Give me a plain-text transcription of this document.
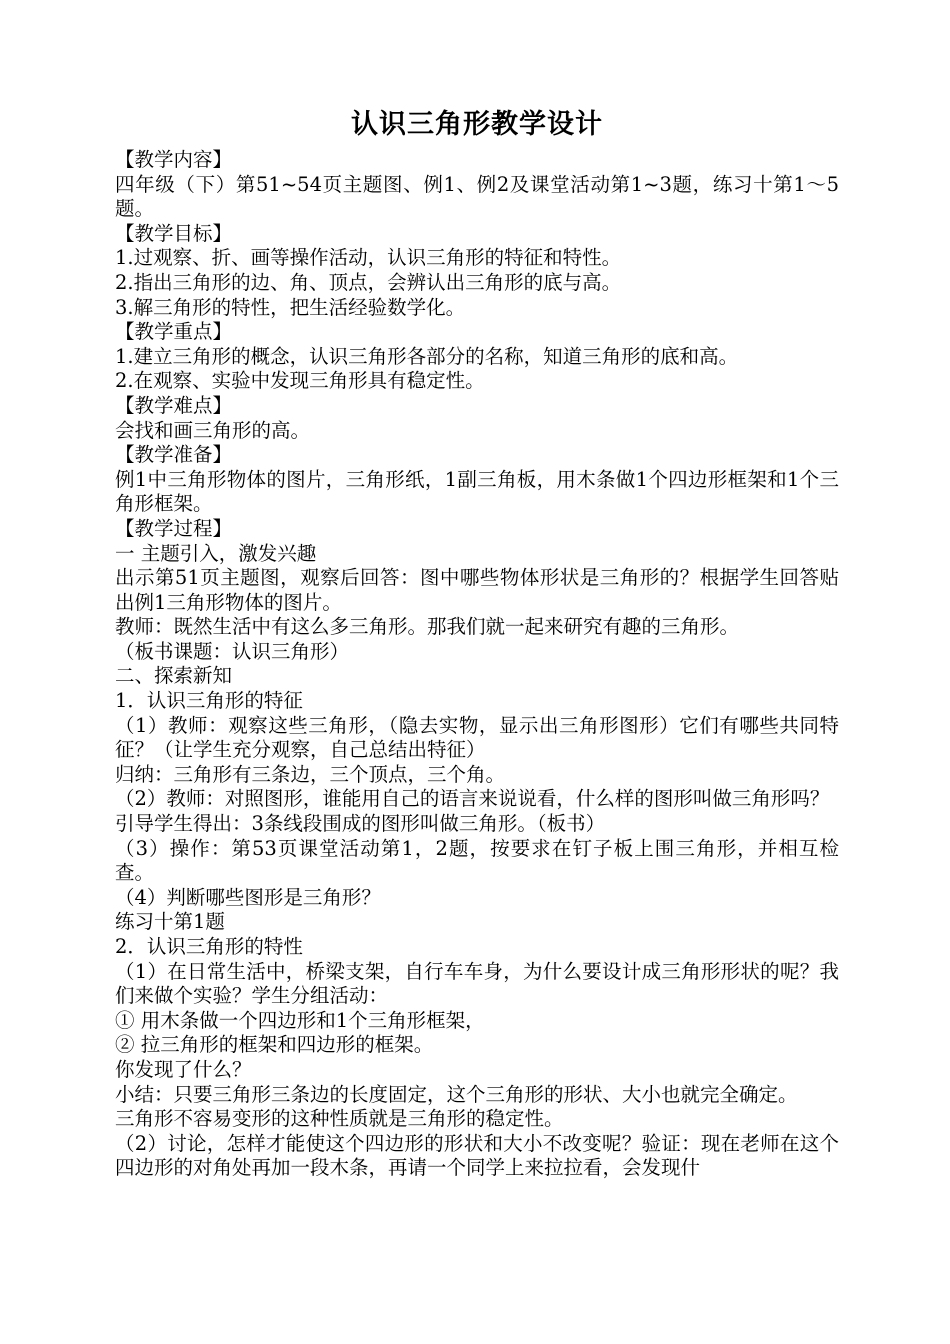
认识三角形教学设计

【教学内容】

四年级（下）第51~54页主题图、例1、例2及课堂活动第1~3题，练习十第1～5题。

【教学目标】

1.过观察、折、画等操作活动，认识三角形的特征和特性。

2.指出三角形的边、角、顶点，会辨认出三角形的底与高。

3.解三角形的特性，把生活经验数学化。

【教学重点】

1.建立三角形的概念，认识三角形各部分的名称，知道三角形的底和高。

2.在观察、实验中发现三角形具有稳定性。

【教学难点】

会找和画三角形的高。

【教学准备】

例1中三角形物体的图片，三角形纸，1副三角板，用木条做1个四边形框架和1个三角形框架。

【教学过程】

一 主题引入，激发兴趣

出示第51页主题图，观察后回答：图中哪些物体形状是三角形的？根据学生回答贴出例1三角形物体的图片。

教师：既然生活中有这么多三角形。那我们就一起来研究有趣的三角形。

（板书课题：认识三角形）

二、探索新知

1．认识三角形的特征

（1）教师：观察这些三角形，（隐去实物，显示出三角形图形）它们有哪些共同特征？（让学生充分观察，自己总结出特征）

归纳：三角形有三条边，三个顶点，三个角。

（2）教师：对照图形，谁能用自己的语言来说说看，什么样的图形叫做三角形吗？

引导学生得出：3条线段围成的图形叫做三角形。（板书）

（3）操作：第53页课堂活动第1，2题，按要求在钉子板上围三角形，并相互检查。

（4）判断哪些图形是三角形？

练习十第1题

2．认识三角形的特性

（1）在日常生活中，桥梁支架，自行车车身，为什么要设计成三角形形状的呢？我们来做个实验？学生分组活动：

① 用木条做一个四边形和1个三角形框架，

② 拉三角形的框架和四边形的框架。

你发现了什么？

小结：只要三角形三条边的长度固定，这个三角形的形状、大小也就完全确定。

三角形不容易变形的这种性质就是三角形的稳定性。

（2）讨论，怎样才能使这个四边形的形状和大小不改变呢？验证：现在老师在这个四边形的对角处再加一段木条，再请一个同学上来拉拉看，会发现什
